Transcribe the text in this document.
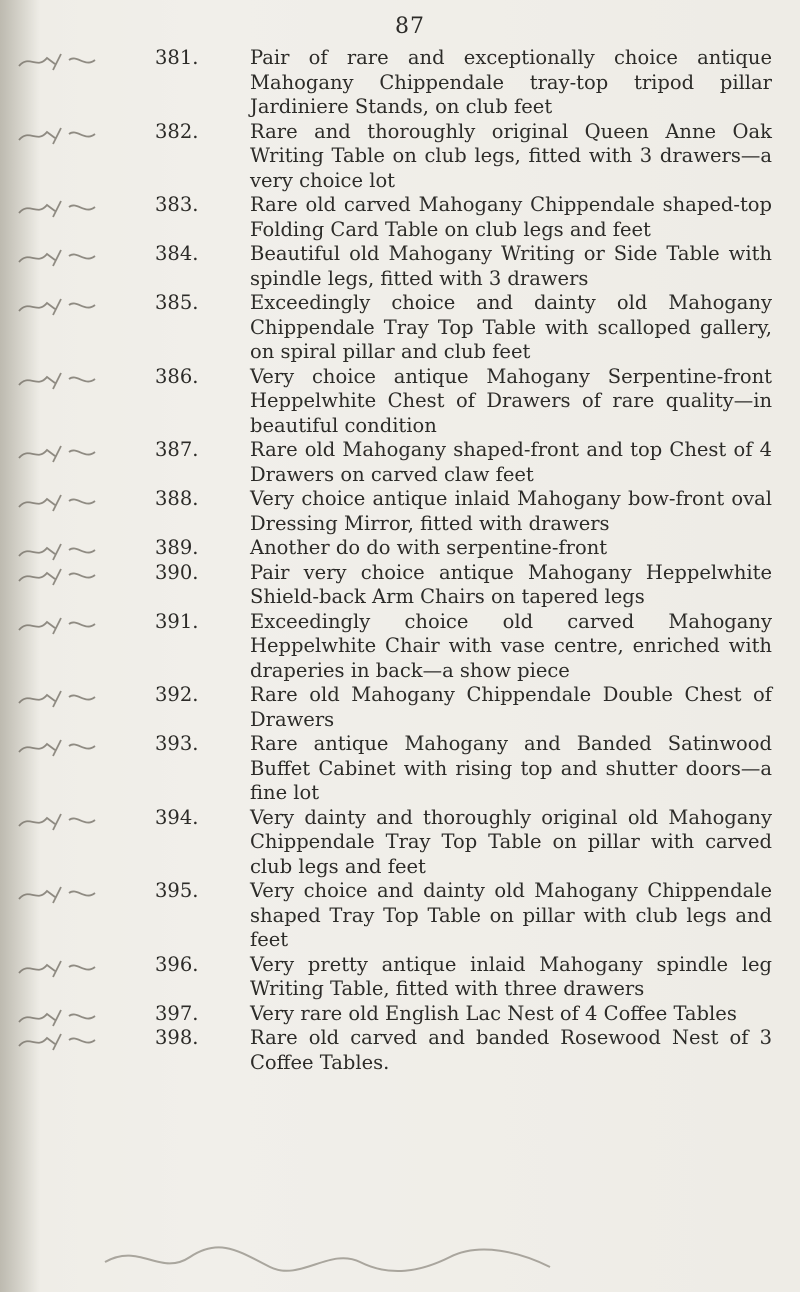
87
381.	Pair of rare and exceptionally choice antique Mahogany Chippendale tray-top tripod pillar Jardiniere Stands, on club feet
382.	Rare and thoroughly original Queen Anne Oak Writing Table on club legs, fitted with 3 drawers—a very choice lot
383.	Rare old carved Mahogany Chippendale shaped-top Folding Card Table on club legs and feet
384.	Beautiful old Mahogany Writing or Side Table with spindle legs, fitted with 3 drawers
385.	Exceedingly choice and dainty old Mahogany Chippendale Tray Top Table with scalloped gallery, on spiral pillar and club feet
386.	Very choice antique Mahogany Serpentine-front Heppelwhite Chest of Drawers of rare quality—in beautiful condition
387.	Rare old Mahogany shaped-front and top Chest of 4 Drawers on carved claw feet
388.	Very choice antique inlaid Mahogany bow-front oval Dressing Mirror, fitted with drawers
389.	Another do do with serpentine-front
390.	Pair very choice antique Mahogany Heppelwhite Shield-back Arm Chairs on tapered legs
391.	Exceedingly choice old carved Mahogany Heppelwhite Chair with vase centre, enriched with draperies in back—a show piece
392.	Rare old Mahogany Chippendale Double Chest of Drawers
393.	Rare antique Mahogany and Banded Satinwood Buffet Cabinet with rising top and shutter doors—a fine lot
394.	Very dainty and thoroughly original old Mahogany Chippendale Tray Top Table on pillar with carved club legs and feet
395.	Very choice and dainty old Mahogany Chippendale shaped Tray Top Table on pillar with club legs and feet
396.	Very pretty antique inlaid Mahogany spindle leg Writing Table, fitted with three drawers
397.	Very rare old English Lac Nest of 4 Coffee Tables
398.	Rare old carved and banded Rosewood Nest of 3 Coffee Tables.
